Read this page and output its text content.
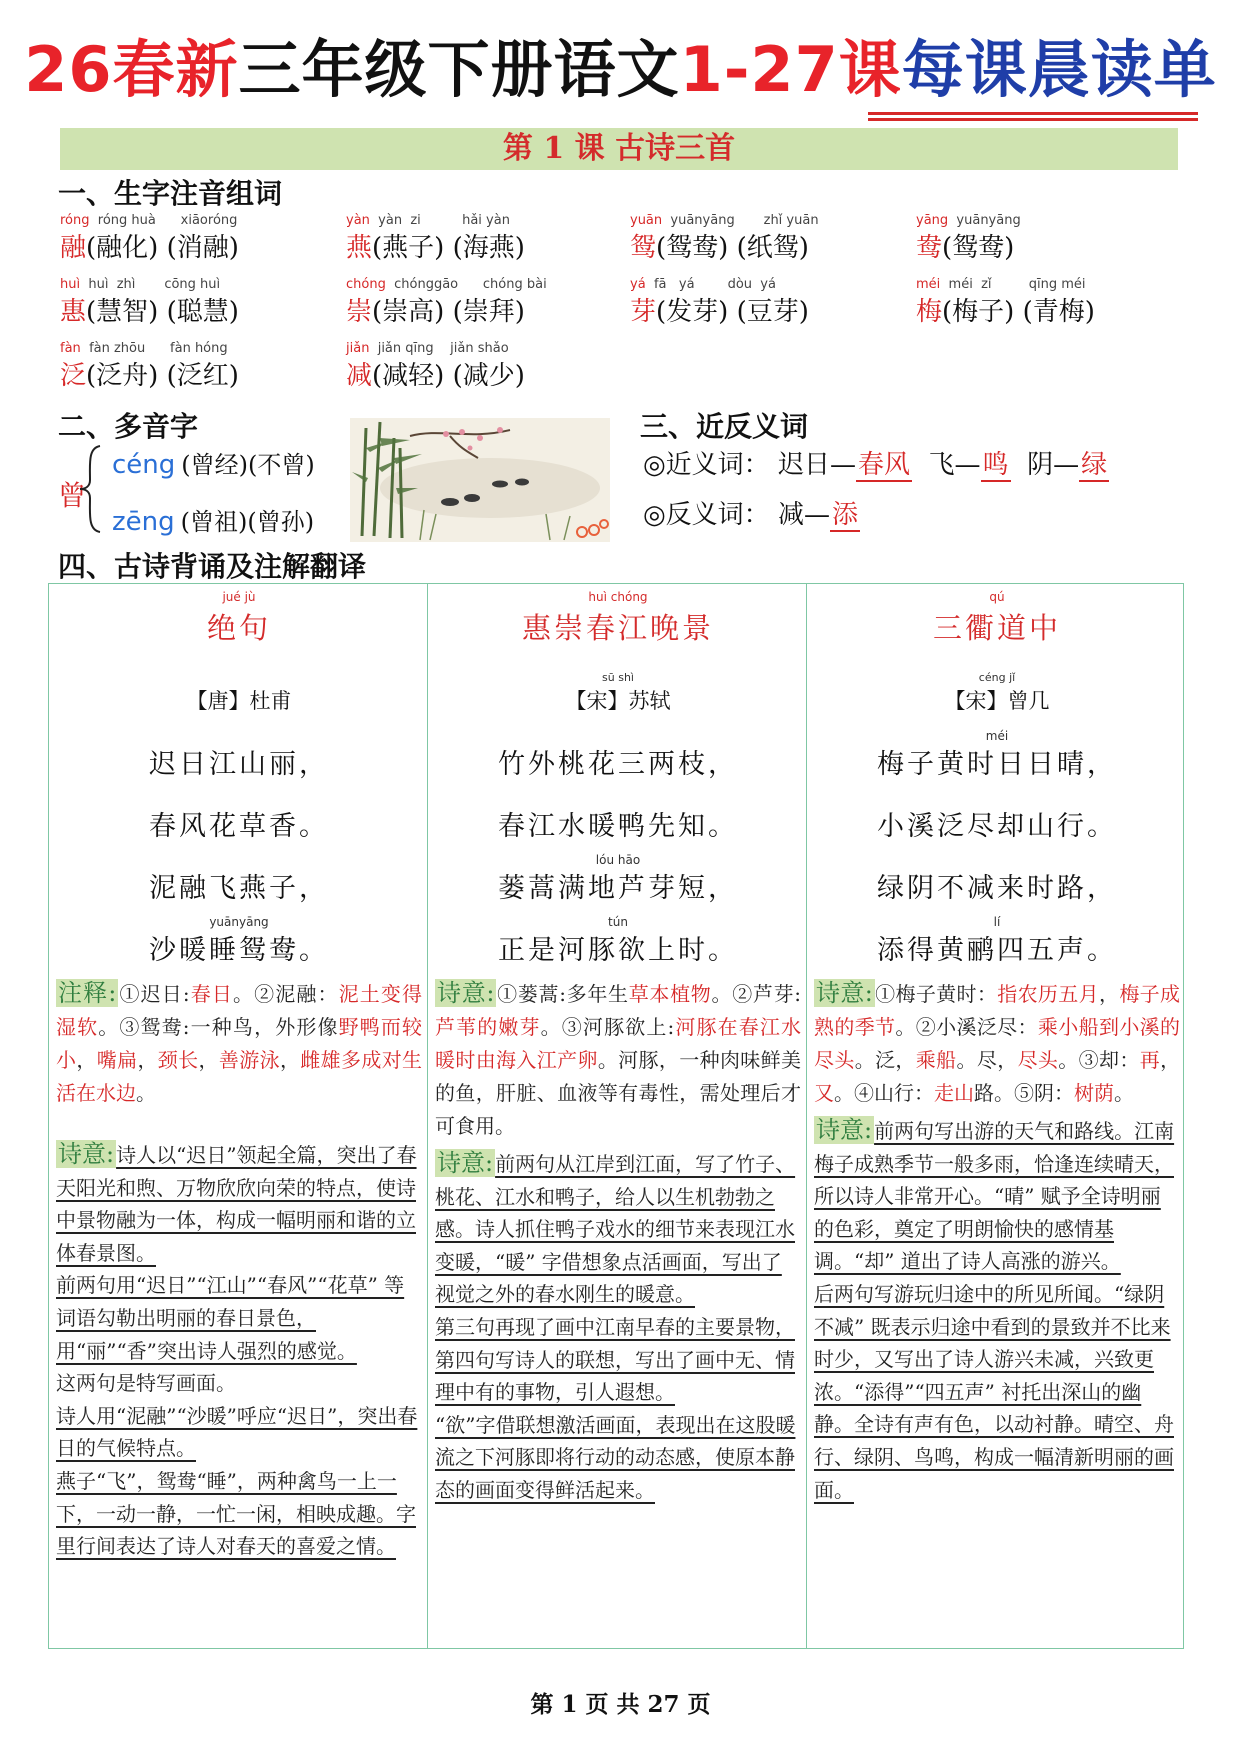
26春新三年级下册语文1-27课每课晨读单
第 1 课 古诗三首
一、生字注音组词
róng róng huà      xiāoróng
融(融化) (消融)
yàn yàn  zi          hǎi yàn
燕(燕子) (海燕)
yuān yuānyāng       zhǐ yuān
鸳(鸳鸯) (纸鸳)
yāng yuānyāng
鸯(鸳鸯)
huì huì  zhì       cōng huì
惠(慧智) (聪慧)
chóng chónggāo      chóng bài
崇(崇高) (崇拜)
yá fā   yá        dòu  yá
芽(发芽) (豆芽)
méi méi  zǐ         qīng méi
梅(梅子) (青梅)
fàn fàn zhōu      fàn hóng
泛(泛舟) (泛红)
jiǎn jiǎn qīng    jiǎn shǎo
减(减轻) (减少)
二、多音字
曾
céng (曾经)(不曾)
zēng (曾祖)(曾孙)
三、近反义词
◎近义词： 迟日—春风 飞—鸣 阴—绿
◎反义词： 减—添
四、古诗背诵及注解翻译
jué jù
绝句
【唐】杜甫
迟日江山丽，
春风花草香。
泥融飞燕子，
yuānyāng
沙暖睡鸳鸯。
注释: ①迟日:春日。②泥融：泥土变得湿软。③鸳鸯:一种鸟，外形像野鸭而较小，嘴扁，颈长，善游泳，雌雄多成对生活在水边。
诗意: 诗人以“迟日”领起全篇，突出了春天阳光和煦、万物欣欣向荣的特点，使诗中景物融为一体，构成一幅明丽和谐的立体春景图。
前两句用“迟日”“江山”“春风”“花草” 等词语勾勒出明丽的春日景色，用“丽”“香”突出诗人强烈的感觉。
这两句是特写画面。
诗人用“泥融”“沙暖”呼应“迟日”，突出春日的气候特点。
燕子“飞”，鸳鸯“睡”，两种禽鸟一上一下，一动一静，一忙一闲，相映成趣。字里行间表达了诗人对春天的喜爱之情。
huì chóng
惠崇春江晚景
sū shì
【宋】苏轼
竹外桃花三两枝，
春江水暖鸭先知。
lóu hāo
蒌蒿满地芦芽短，
tún
正是河豚欲上时。
诗意: ①蒌蒿:多年生草本植物。②芦芽:芦苇的嫩芽。③河豚欲上:河豚在春江水暖时由海入江产卵。河豚，一种肉味鲜美的鱼，肝脏、血液等有毒性，需处理后才可食用。
诗意: 前两句从江岸到江面，写了竹子、桃花、江水和鸭子，给人以生机勃勃之感。诗人抓住鸭子戏水的细节来表现江水变暖，“暖” 字借想象点活画面，写出了视觉之外的春水刚生的暖意。
第三句再现了画中江南早春的主要景物，第四句写诗人的联想，写出了画中无、情理中有的事物，引人遐想。
“欲”字借联想激活画面，表现出在这股暖流之下河豚即将行动的动态感，使原本静态的画面变得鲜活起来。
qú
三衢道中
céng jǐ
【宋】曾几
méi
梅子黄时日日晴，
小溪泛尽却山行。
绿阴不减来时路，
lí
添得黄鹂四五声。
诗意: ①梅子黄时：指农历五月，梅子成熟的季节。②小溪泛尽：乘小船到小溪的尽头。泛，乘船。尽，尽头。③却：再，又。④山行：走山路。⑤阴：树荫。
诗意: 前两句写出游的天气和路线。江南梅子成熟季节一般多雨，恰逢连续晴天，所以诗人非常开心。“晴” 赋予全诗明丽的色彩，奠定了明朗愉快的感情基调。“却” 道出了诗人高涨的游兴。
后两句写游玩归途中的所见所闻。“绿阴不减” 既表示归途中看到的景致并不比来时少，又写出了诗人游兴未减，兴致更浓。“添得”“四五声” 衬托出深山的幽静。全诗有声有色，以动衬静。晴空、舟行、绿阴、鸟鸣，构成一幅清新明丽的画面。
第 1 页 共 27 页
